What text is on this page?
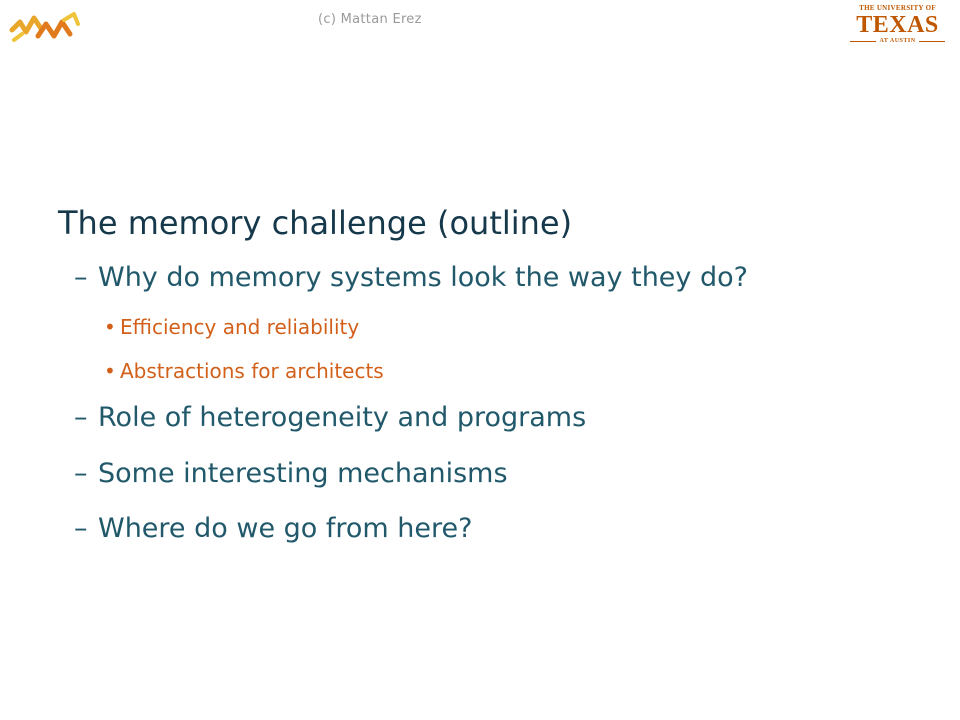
(c) Mattan Erez
THE UNIVERSITY OF
TEXAS
AT AUSTIN
The memory challenge (outline)
– Why do memory systems look the way they do?
• Efficiency and reliability
• Abstractions for architects
– Role of heterogeneity and programs
– Some interesting mechanisms
– Where do we go from here?
